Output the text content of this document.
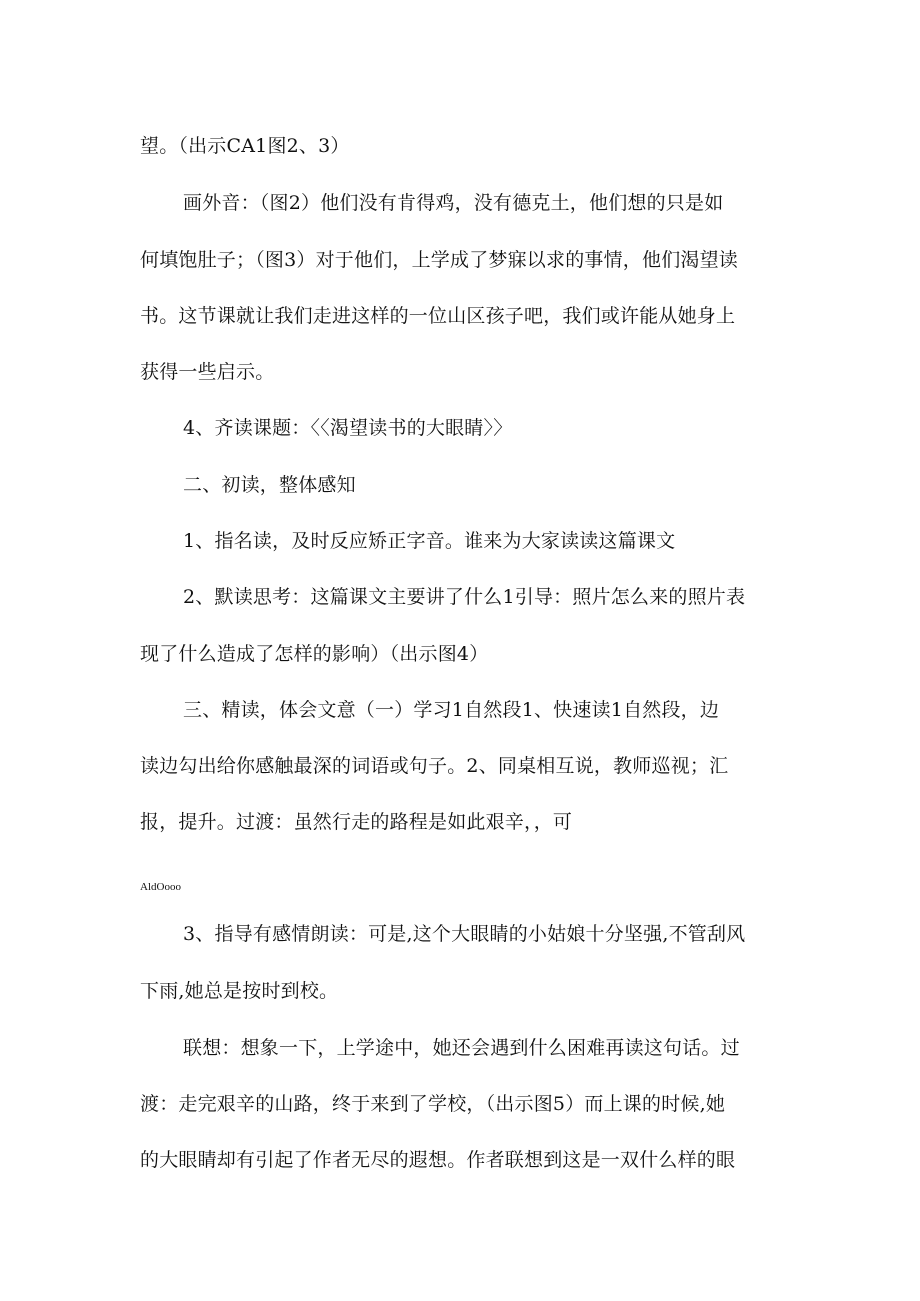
望。（出示CA1图2、3）
画外音：（图2）他们没有肯得鸡，没有德克土，他们想的只是如
何填饱肚子；（图3）对于他们，上学成了梦寐以求的事情，他们渴望读
书。这节课就让我们走进这样的一位山区孩子吧，我们或许能从她身上
获得一些启示。
4、齐读课题：〈〈渴望读书的大眼睛〉〉
二、初读，整体感知
1、指名读，及时反应矫正字音。谁来为大家读读这篇课文
2、默读思考：这篇课文主要讲了什么1引导：照片怎么来的照片表
现了什么造成了怎样的影响）（出示图4）
三、精读，体会文意（一）学习1自然段1、快速读1自然段，边
读边勾出给你感触最深的词语或句子。2、同桌相互说，教师巡视；汇
报，提升。过渡：虽然行走的路程是如此艰辛，，可
AldOooo
3、指导有感情朗读：可是,这个大眼睛的小姑娘十分坚强,不管刮风
下雨,她总是按时到校。
联想：想象一下，上学途中，她还会遇到什么困难再读这句话。过
渡：走完艰辛的山路，终于来到了学校，（出示图5）而上课的时候,她
的大眼睛却有引起了作者无尽的遐想。作者联想到这是一双什么样的眼
